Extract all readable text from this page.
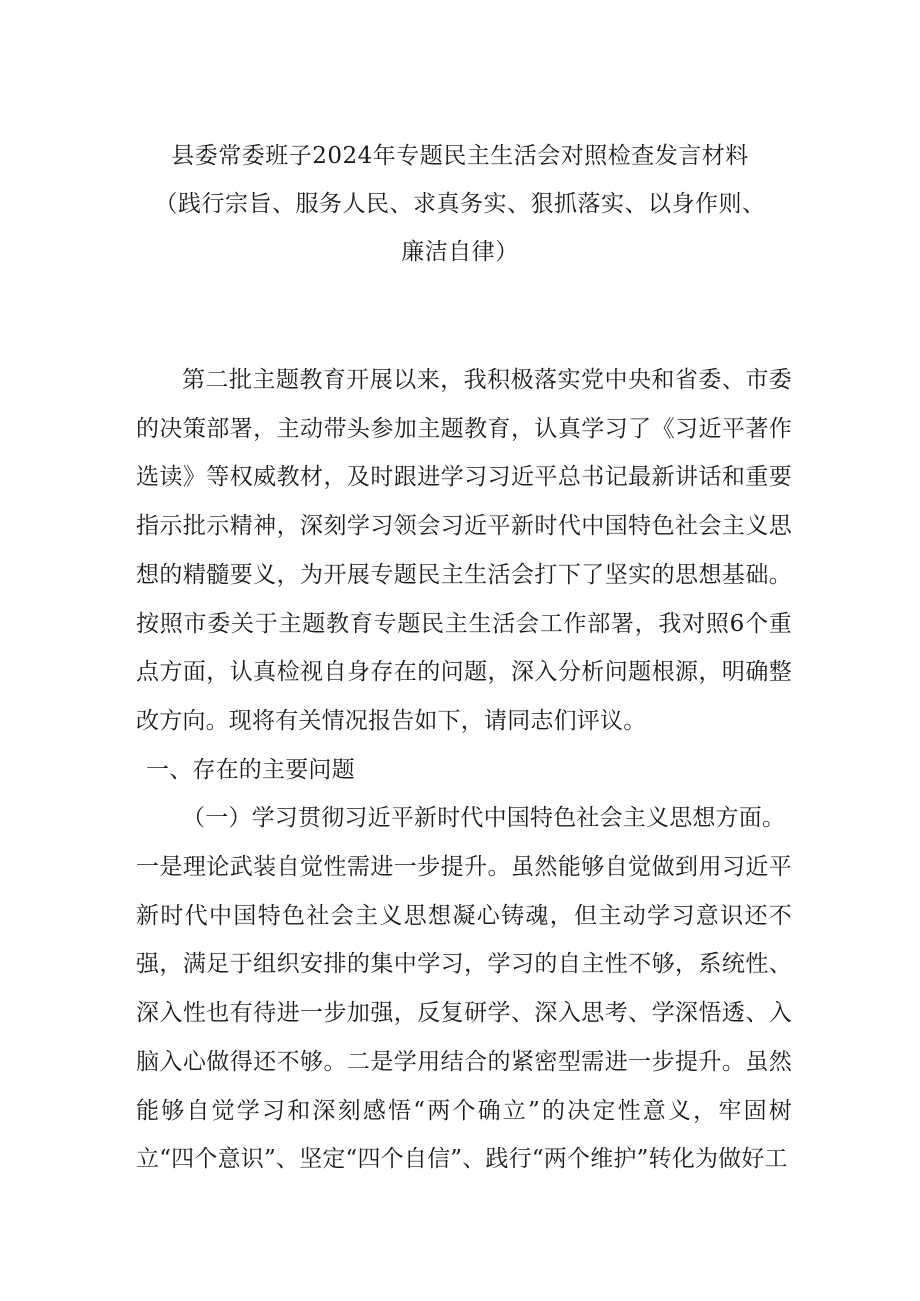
县委常委班子2024年专题民主生活会对照检查发言材料
（践行宗旨、服务人民、求真务实、狠抓落实、以身作则、
廉洁自律）

第二批主题教育开展以来，我积极落实党中央和省委、市委的决策部署，主动带头参加主题教育，认真学习了《习近平著作选读》等权威教材，及时跟进学习习近平总书记最新讲话和重要指示批示精神，深刻学习领会习近平新时代中国特色社会主义思想的精髓要义，为开展专题民主生活会打下了坚实的思想基础。按照市委关于主题教育专题民主生活会工作部署，我对照6个重点方面，认真检视自身存在的问题，深入分析问题根源，明确整改方向。现将有关情况报告如下，请同志们评议。

一、存在的主要问题

（一）学习贯彻习近平新时代中国特色社会主义思想方面。

一是理论武装自觉性需进一步提升。虽然能够自觉做到用习近平新时代中国特色社会主义思想凝心铸魂，但主动学习意识还不强，满足于组织安排的集中学习，学习的自主性不够，系统性、深入性也有待进一步加强，反复研学、深入思考、学深悟透、入脑入心做得还不够。二是学用结合的紧密型需进一步提升。虽然能够自觉学习和深刻感悟“两个确立”的决定性意义，牢固树立“四个意识”、坚定“四个自信”、践行“两个维护”转化为做好工
